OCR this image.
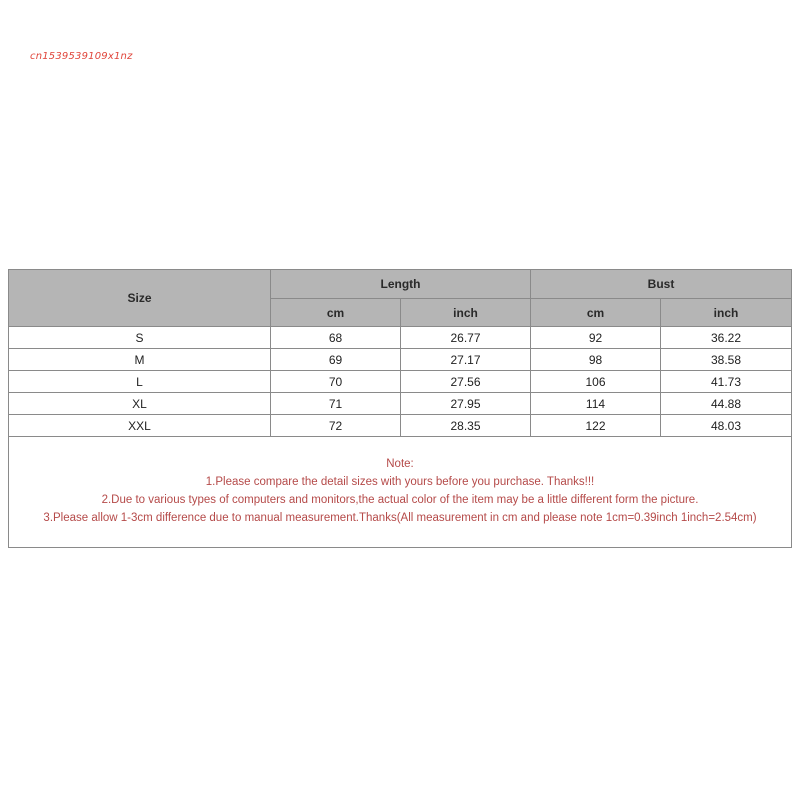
cn1539539109x1nz
Size	Length		Bust	
	cm	inch	cm	inch
S	68	26.77	92	36.22
M	69	27.17	98	38.58
L	70	27.56	106	41.73
XL	71	27.95	114	44.88
XXL	72	28.35	122	48.03

Note:
1.Please compare the detail sizes with yours before you purchase. Thanks!!!
2.Due to various types of computers and monitors,the actual color of the item may be a little different form the picture.
3.Please allow 1-3cm difference due to manual measurement.Thanks(All measurement in cm and please note 1cm=0.39inch 1inch=2.54cm)				
